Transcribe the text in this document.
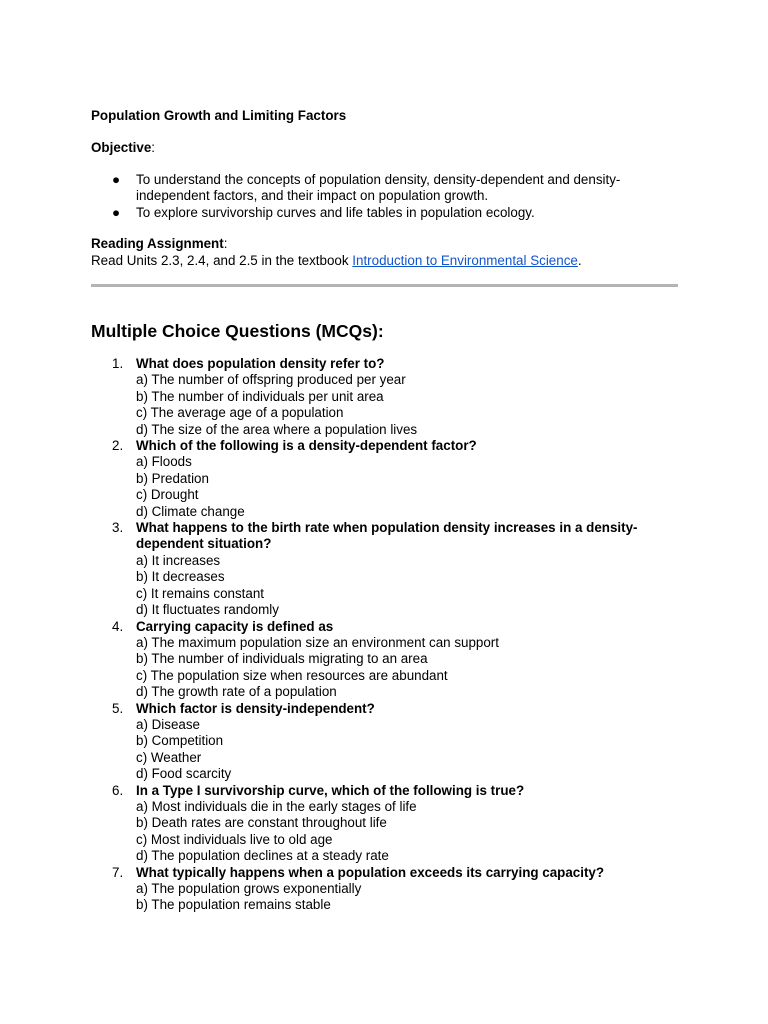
Population Growth and Limiting Factors
Objective:
● To understand the concepts of population density, density-dependent and density-independent factors, and their impact on population growth.
● To explore survivorship curves and life tables in population ecology.
Reading Assignment:
Read Units 2.3, 2.4, and 2.5 in the textbook Introduction to Environmental Science.
Multiple Choice Questions (MCQs):
1. What does population density refer to?
a) The number of offspring produced per year
b) The number of individuals per unit area
c) The average age of a population
d) The size of the area where a population lives
2. Which of the following is a density-dependent factor?
a) Floods
b) Predation
c) Drought
d) Climate change
3. What happens to the birth rate when population density increases in a density-dependent situation?
a) It increases
b) It decreases
c) It remains constant
d) It fluctuates randomly
4. Carrying capacity is defined as
a) The maximum population size an environment can support
b) The number of individuals migrating to an area
c) The population size when resources are abundant
d) The growth rate of a population
5. Which factor is density-independent?
a) Disease
b) Competition
c) Weather
d) Food scarcity
6. In a Type I survivorship curve, which of the following is true?
a) Most individuals die in the early stages of life
b) Death rates are constant throughout life
c) Most individuals live to old age
d) The population declines at a steady rate
7. What typically happens when a population exceeds its carrying capacity?
a) The population grows exponentially
b) The population remains stable
